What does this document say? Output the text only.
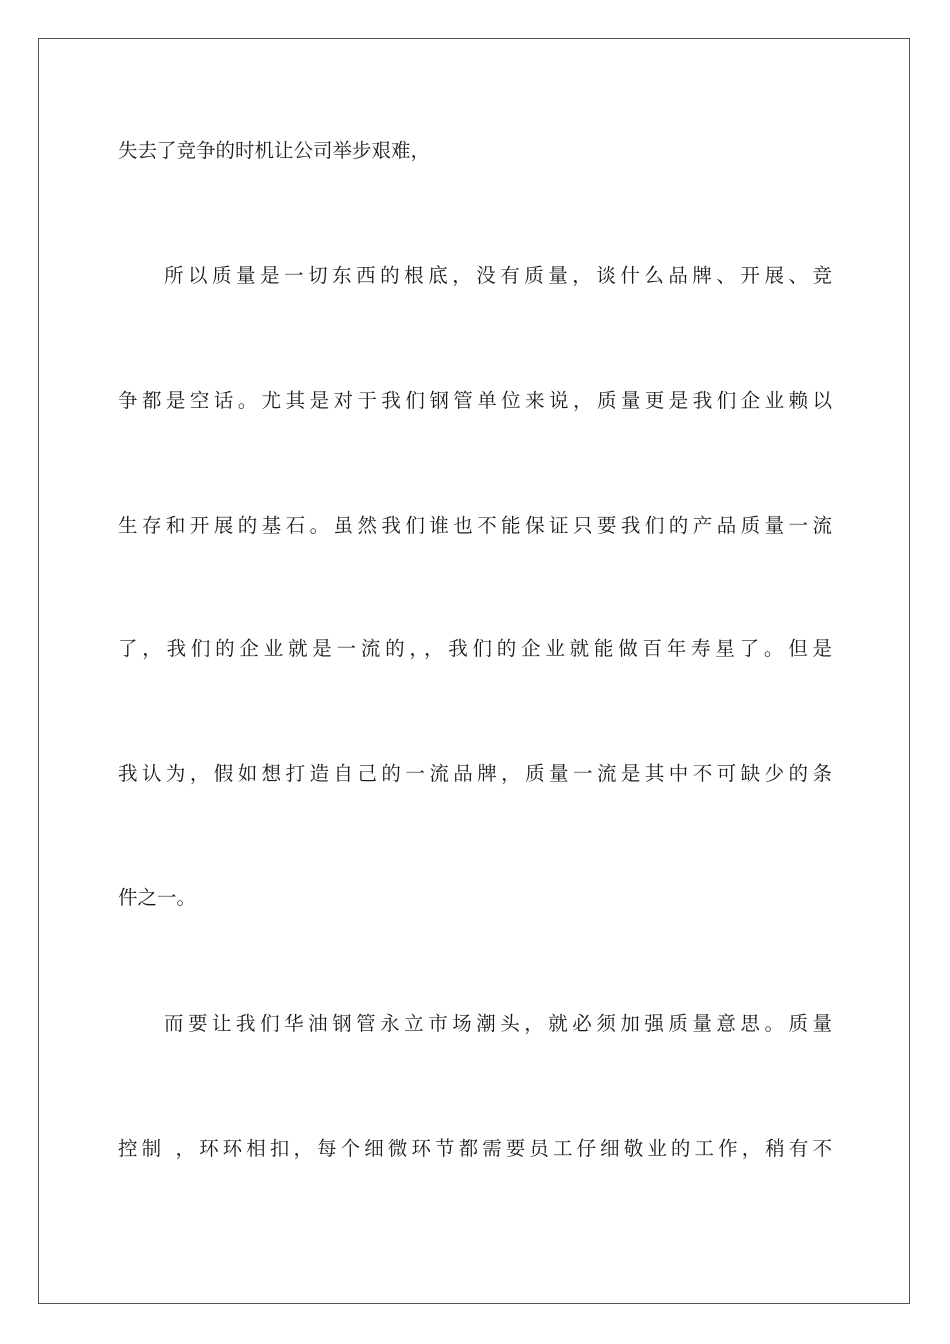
失去了竞争的时机让公司举步艰难，
所以质量是一切东西的根底，没有质量，谈什么品牌、开展、竞
争都是空话。尤其是对于我们钢管单位来说，质量更是我们企业赖以
生存和开展的基石。虽然我们谁也不能保证只要我们的产品质量一流
了，我们的企业就是一流的，，我们的企业就能做百年寿星了。但是
我认为，假如想打造自己的一流品牌，质量一流是其中不可缺少的条
件之一。
而要让我们华油钢管永立市场潮头，就必须加强质量意思。质量
控制 ，环环相扣，每个细微环节都需要员工仔细敬业的工作，稍有不
